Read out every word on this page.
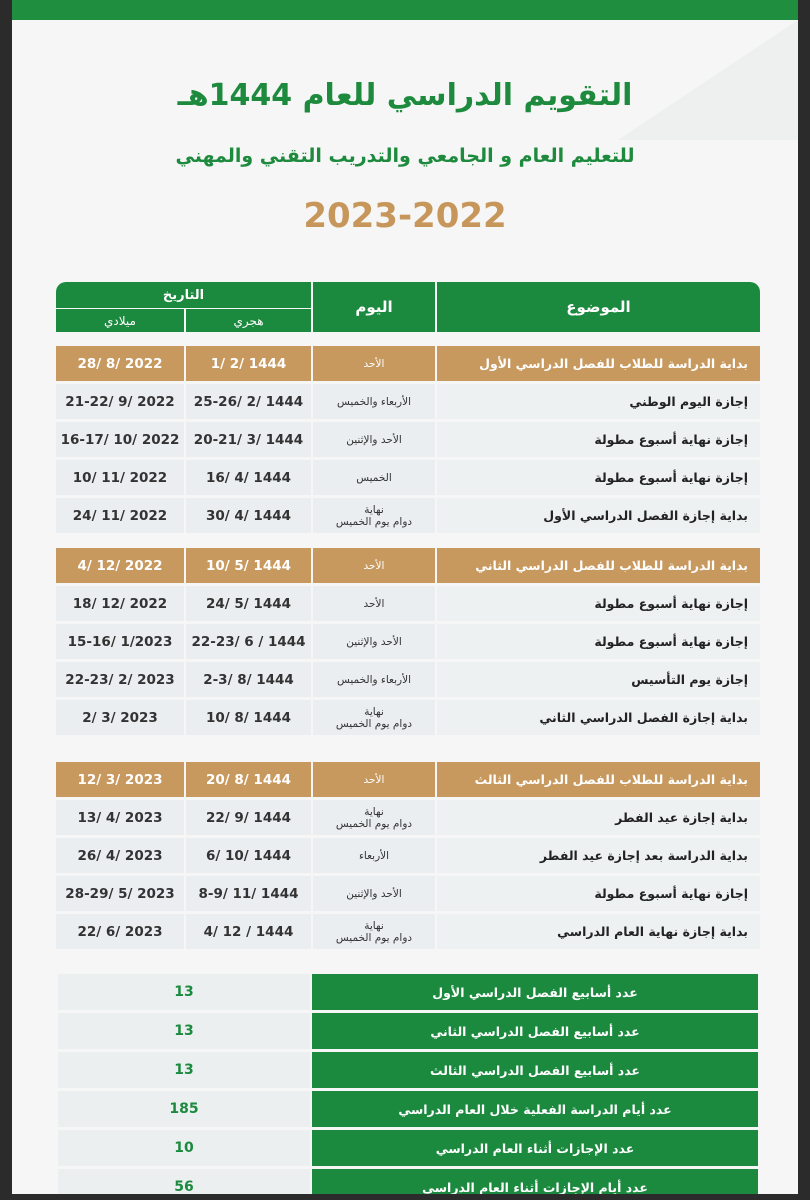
التقويم الدراسي للعام 1444هـ
للتعليم العام و الجامعي والتدريب التقني والمهني
2023-2022
الموضوع
اليوم
التاريخ
هجري
ميلادي
بداية الدراسة للطلاب للفصل الدراسي الأول
الأحد
1/ 2/ 1444
28/ 8/ 2022
إجازة اليوم الوطني
الأربعاء والخميس
25-26/ 2/ 1444
21-22/ 9/ 2022
إجازة نهاية أسبوع مطولة
الأحد والإثنين
20-21/ 3/ 1444
16-17/ 10/ 2022
إجازة نهاية أسبوع مطولة
الخميس
16/ 4/ 1444
10/ 11/ 2022
بداية إجازة الفصل الدراسي الأول
نهاية
دوام يوم الخميس
30/ 4/ 1444
24/ 11/ 2022
بداية الدراسة للطلاب للفصل الدراسي الثاني
الأحد
10/ 5/ 1444
4/ 12/ 2022
إجازة نهاية أسبوع مطولة
الأحد
24/ 5/ 1444
18/ 12/ 2022
إجازة نهاية أسبوع مطولة
الأحد والإثنين
22-23/ 6 / 1444
15-16/ 1/2023
إجازة يوم التأسيس
الأربعاء والخميس
2-3/ 8/ 1444
22-23/ 2/ 2023
بداية إجازة الفصل الدراسي الثاني
نهاية
دوام يوم الخميس
10/ 8/ 1444
2/ 3/ 2023
بداية الدراسة للطلاب للفصل الدراسي الثالث
الأحد
20/ 8/ 1444
12/ 3/ 2023
بداية إجازة عيد الفطر
نهاية
دوام يوم الخميس
22/ 9/ 1444
13/ 4/ 2023
بداية الدراسة بعد إجازة عيد الفطر
الأربعاء
6/ 10/ 1444
26/ 4/ 2023
إجازة نهاية أسبوع مطولة
الأحد والإثنين
8-9/ 11/ 1444
28-29/ 5/ 2023
بداية إجازة نهاية العام الدراسي
نهاية
دوام يوم الخميس
4/ 12 / 1444
22/ 6/ 2023
عدد أسابيع الفصل الدراسي الأول
13
عدد أسابيع الفصل الدراسي الثاني
13
عدد أسابيع الفصل الدراسي الثالث
13
عدد أيام الدراسة الفعلية خلال العام الدراسي
185
عدد الإجازات أثناء العام الدراسي
10
عدد أيام الإجازات أثناء العام الدراسي
56
